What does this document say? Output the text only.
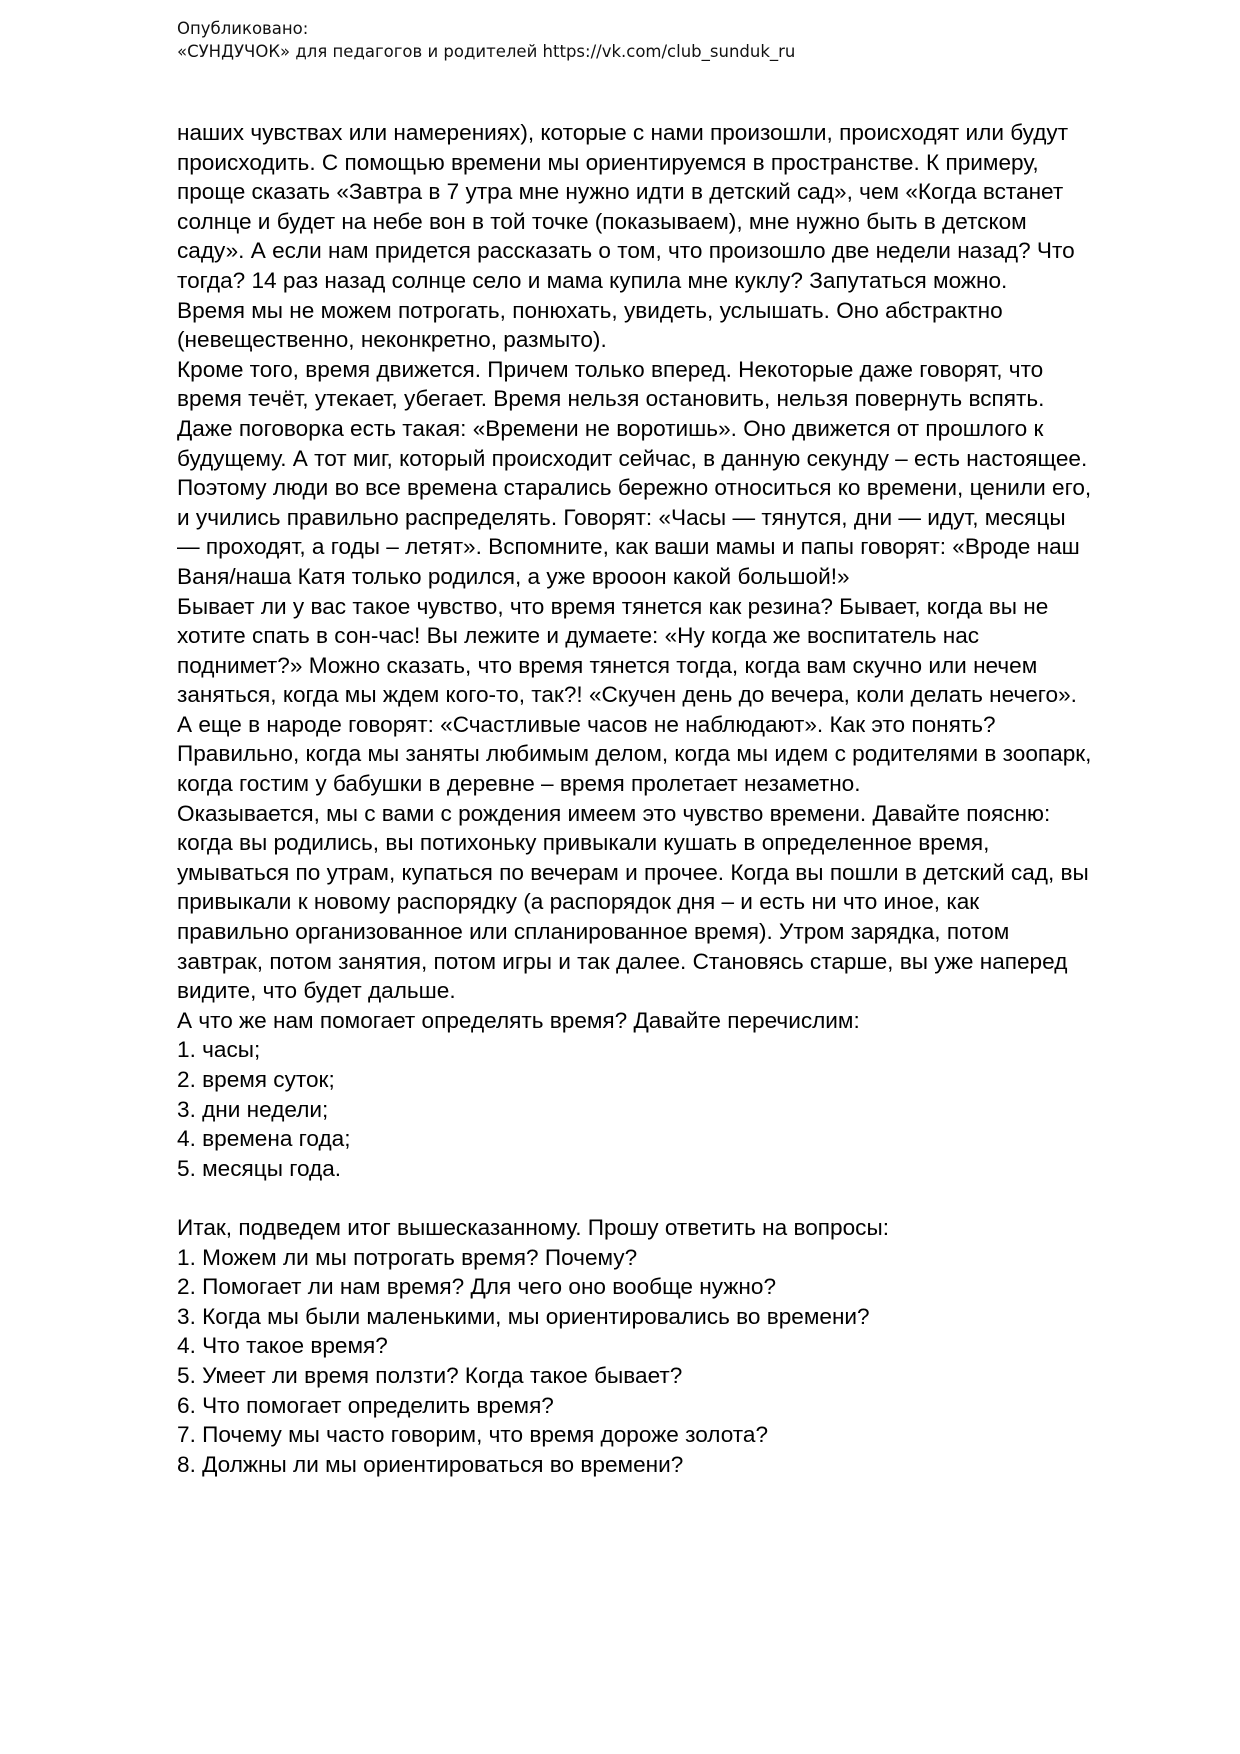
Опубликовано:
«СУНДУЧОК» для педагогов и родителей https://vk.com/club_sunduk_ru
наших чувствах или намерениях), которые с нами произошли, происходят или будут
происходить. С помощью времени мы ориентируемся в пространстве. К примеру,
проще сказать «Завтра в 7 утра мне нужно идти в детский сад», чем «Когда встанет
солнце и будет на небе вон в той точке (показываем), мне нужно быть в детском
саду». А если нам придется рассказать о том, что произошло две недели назад? Что
тогда? 14 раз назад солнце село и мама купила мне куклу? Запутаться можно.
Время мы не можем потрогать, понюхать, увидеть, услышать. Оно абстрактно
(невещественно, неконкретно, размыто).
Кроме того, время движется. Причем только вперед. Некоторые даже говорят, что
время течёт, утекает, убегает. Время нельзя остановить, нельзя повернуть вспять.
Даже поговорка есть такая: «Времени не воротишь». Оно движется от прошлого к
будущему. А тот миг, который происходит сейчас, в данную секунду – есть настоящее.
Поэтому люди во все времена старались бережно относиться ко времени, ценили его,
и учились правильно распределять. Говорят: «Часы — тянутся, дни — идут, месяцы
— проходят, а годы – летят». Вспомните, как ваши мамы и папы говорят: «Вроде наш
Ваня/наша Катя только родился, а уже врооон какой большой!»
Бывает ли у вас такое чувство, что время тянется как резина? Бывает, когда вы не
хотите спать в сон-час! Вы лежите и думаете: «Ну когда же воспитатель нас
поднимет?» Можно сказать, что время тянется тогда, когда вам скучно или нечем
заняться, когда мы ждем кого-то, так?! «Скучен день до вечера, коли делать нечего».
А еще в народе говорят: «Счастливые часов не наблюдают». Как это понять?
Правильно, когда мы заняты любимым делом, когда мы идем с родителями в зоопарк,
когда гостим у бабушки в деревне – время пролетает незаметно.
Оказывается, мы с вами с рождения имеем это чувство времени. Давайте поясню:
когда вы родились, вы потихоньку привыкали кушать в определенное время,
умываться по утрам, купаться по вечерам и прочее. Когда вы пошли в детский сад, вы
привыкали к новому распорядку (а распорядок дня – и есть ни что иное, как
правильно организованное или спланированное время). Утром зарядка, потом
завтрак, потом занятия, потом игры и так далее. Становясь старше, вы уже наперед
видите, что будет дальше.
А что же нам помогает определять время? Давайте перечислим:
1. часы;
2. время суток;
3. дни недели;
4. времена года;
5. месяцы года.
Итак, подведем итог вышесказанному. Прошу ответить на вопросы:
1. Можем ли мы потрогать время? Почему?
2. Помогает ли нам время? Для чего оно вообще нужно?
3. Когда мы были маленькими, мы ориентировались во времени?
4. Что такое время?
5. Умеет ли время ползти? Когда такое бывает?
6. Что помогает определить время?
7. Почему мы часто говорим, что время дороже золота?
8. Должны ли мы ориентироваться во времени?
